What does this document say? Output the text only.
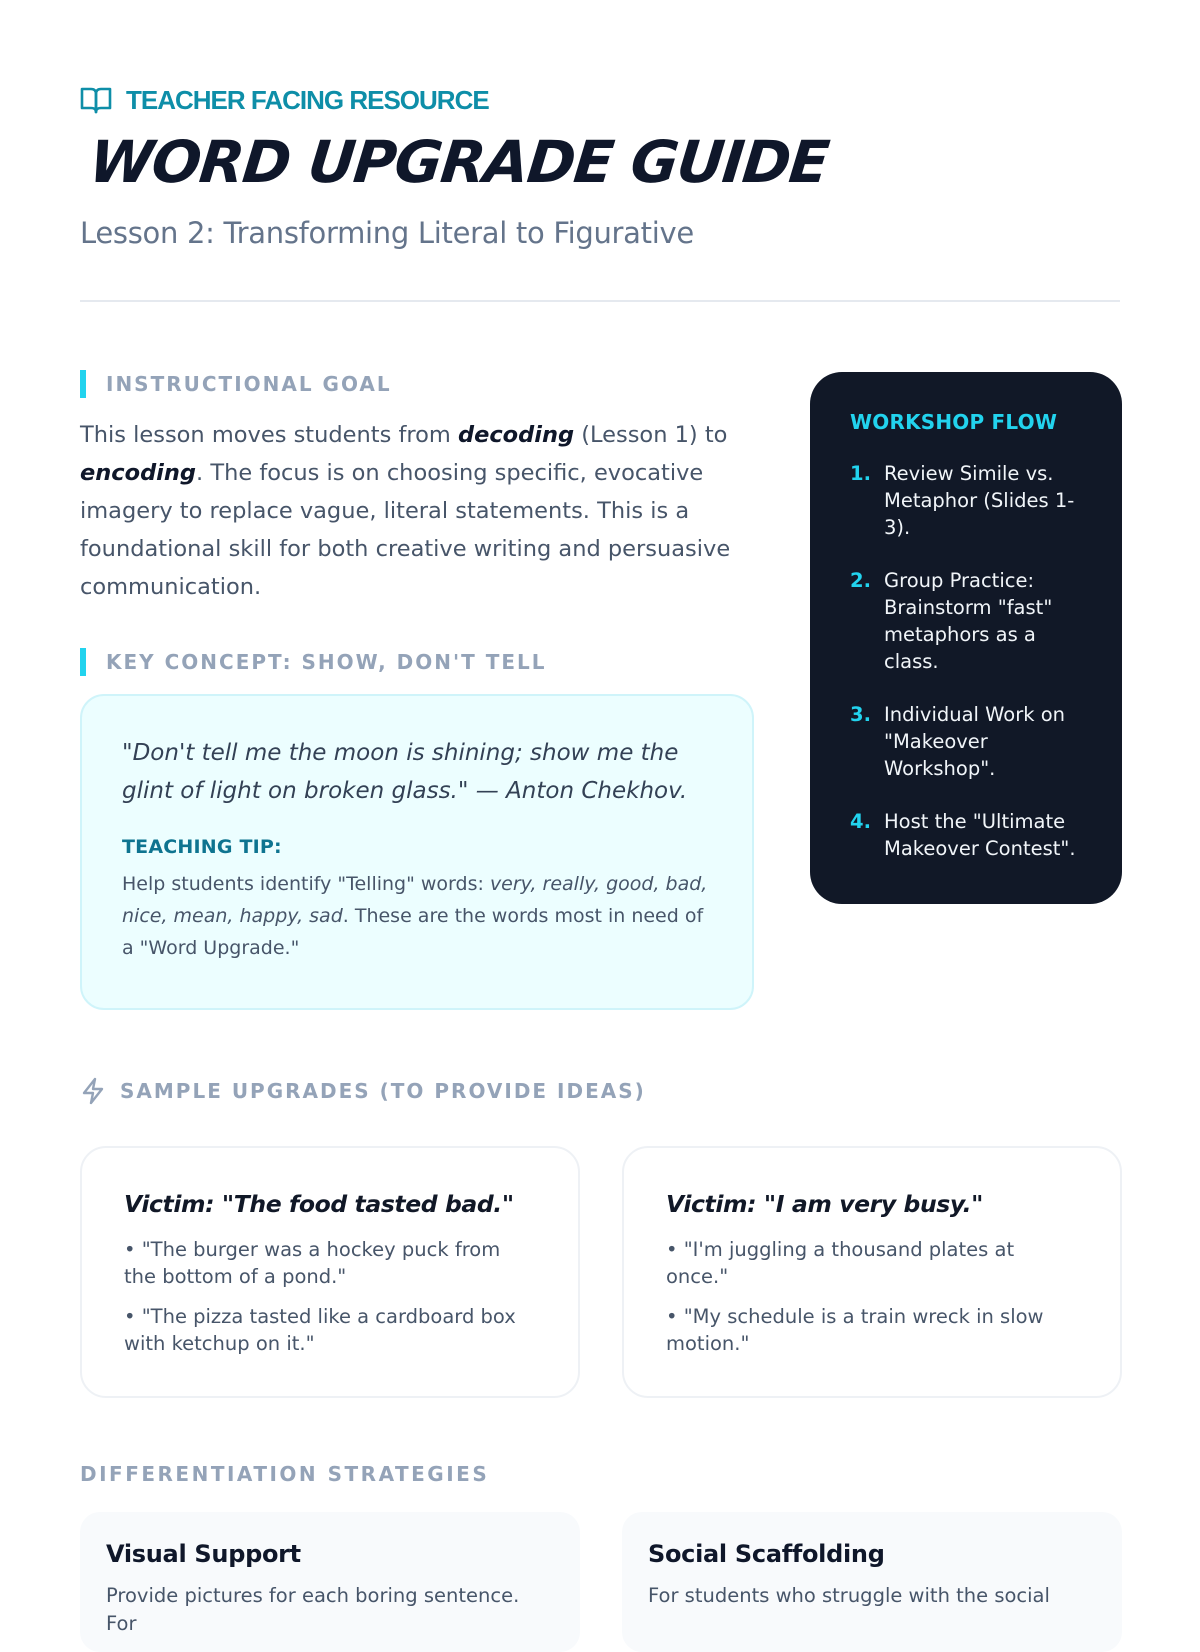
TEACHER FACING RESOURCE
WORD UPGRADE GUIDE
Lesson 2: Transforming Literal to Figurative
INSTRUCTIONAL GOAL

This lesson moves students from decoding (Lesson 1) to encoding. The focus is on choosing specific, evocative imagery to replace vague, literal statements. This is a foundational skill for both creative writing and persuasive communication.

KEY CONCEPT: SHOW, DON'T TELL

"Don't tell me the moon is shining; show me the glint of light on broken glass." — Anton Chekhov.

TEACHING TIP:
Help students identify "Telling" words: very, really, good, bad, nice, mean, happy, sad. These are the words most in need of a "Word Upgrade."
WORKSHOP FLOW
1. Review Simile vs. Metaphor (Slides 1-3).
2. Group Practice: Brainstorm "fast" metaphors as a class.
3. Individual Work on "Makeover Workshop".
4. Host the "Ultimate Makeover Contest".
SAMPLE UPGRADES (TO PROVIDE IDEAS)
Victim: "The food tasted bad."
• "The burger was a hockey puck from the bottom of a pond."
• "The pizza tasted like a cardboard box with ketchup on it."
Victim: "I am very busy."
• "I'm juggling a thousand plates at once."
• "My schedule is a train wreck in slow motion."
DIFFERENTIATION STRATEGIES
Visual Support
Provide pictures for each boring sentence. For
Social Scaffolding
For students who struggle with the social
